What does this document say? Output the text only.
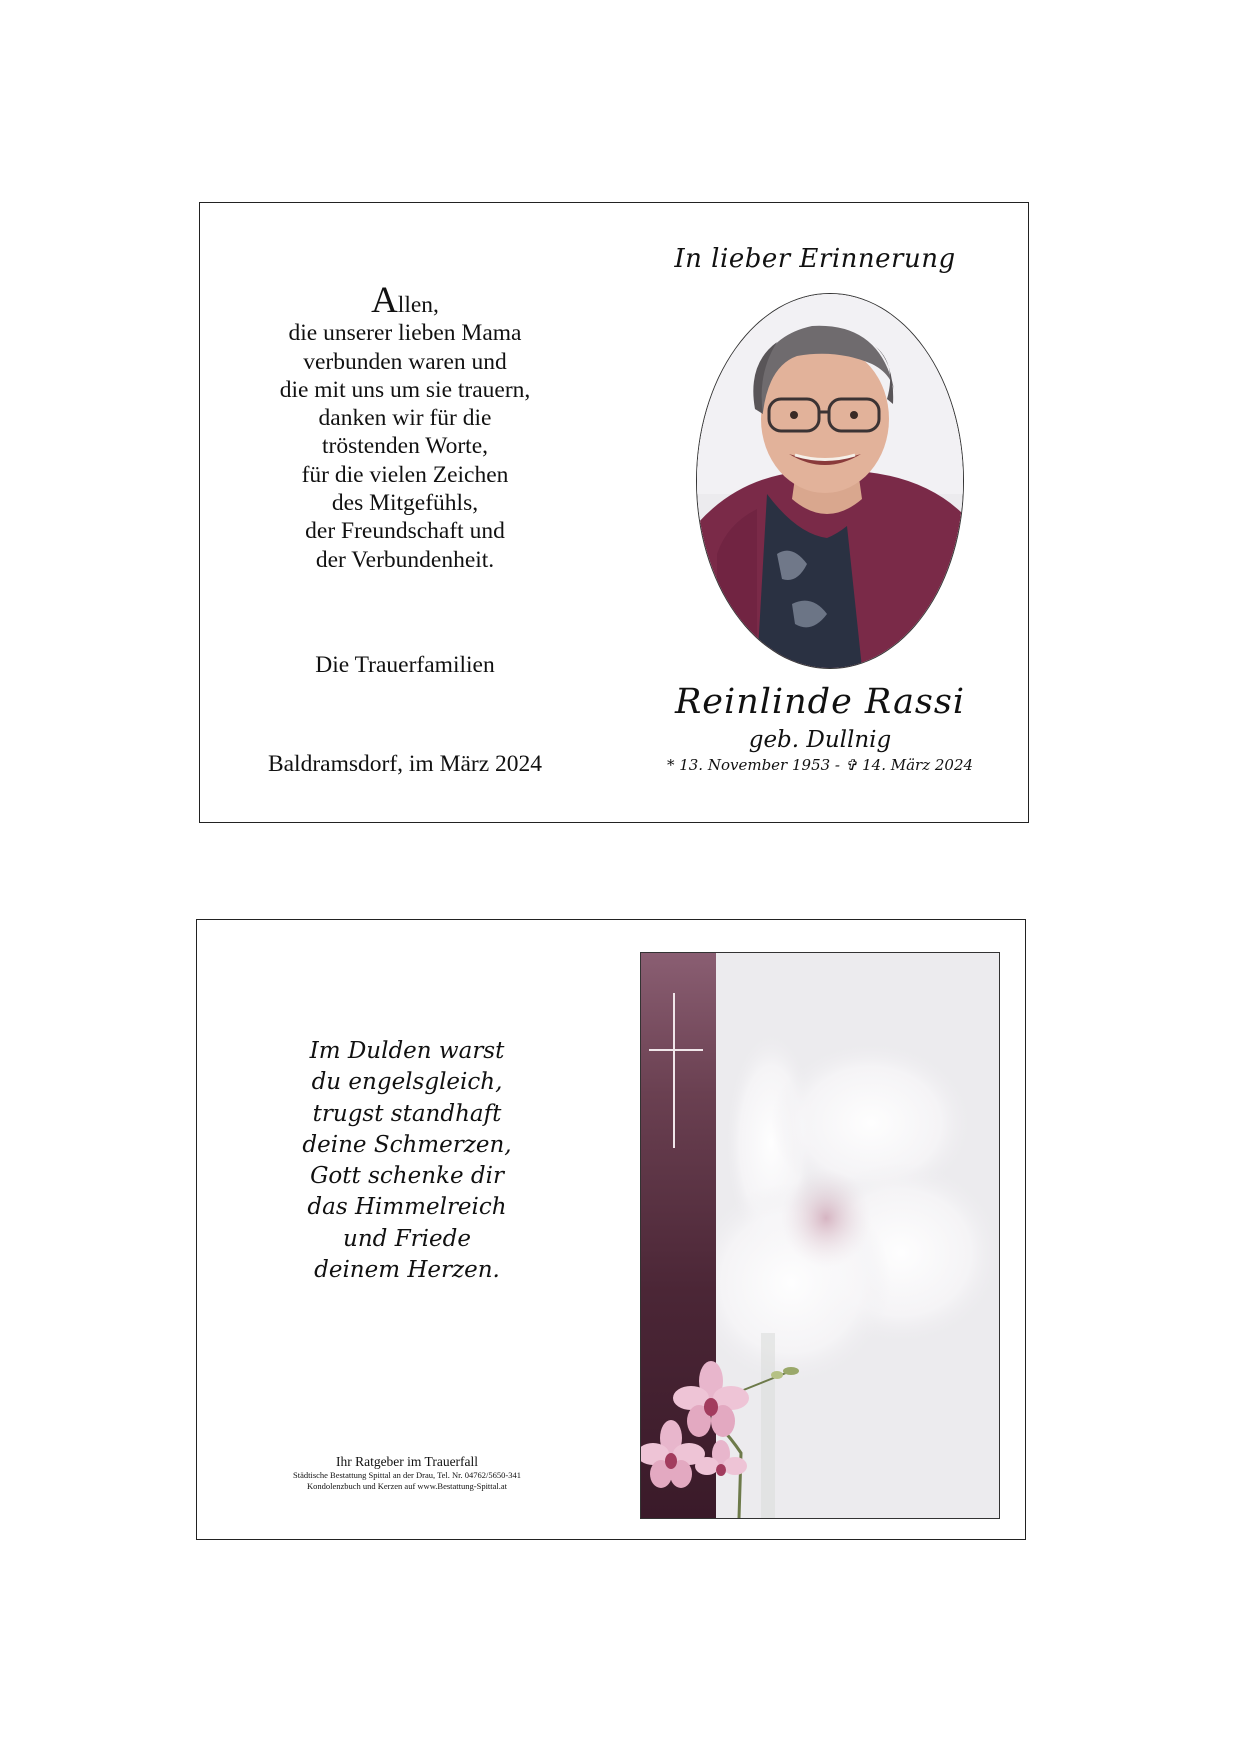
Allen,
die unserer lieben Mama
verbunden waren und
die mit uns um sie trauern,
danken wir für die
tröstenden Worte,
für die vielen Zeichen
des Mitgefühls,
der Freundschaft und
der Verbundenheit.
Die Trauerfamilien
Baldramsdorf, im März 2024
In lieber Erinnerung
Reinlinde Rassi
geb. Dullnig
* 13. November 1953 - ✞ 14. März 2024
Im Dulden warst
du engelsgleich,
trugst standhaft
deine Schmerzen,
Gott schenke dir
das Himmelreich
und Friede
deinem Herzen.
Ihr Ratgeber im Trauerfall
Städtische Bestattung Spittal an der Drau, Tel. Nr. 04762/5650-341
Kondolenzbuch und Kerzen auf www.Bestattung-Spittal.at
